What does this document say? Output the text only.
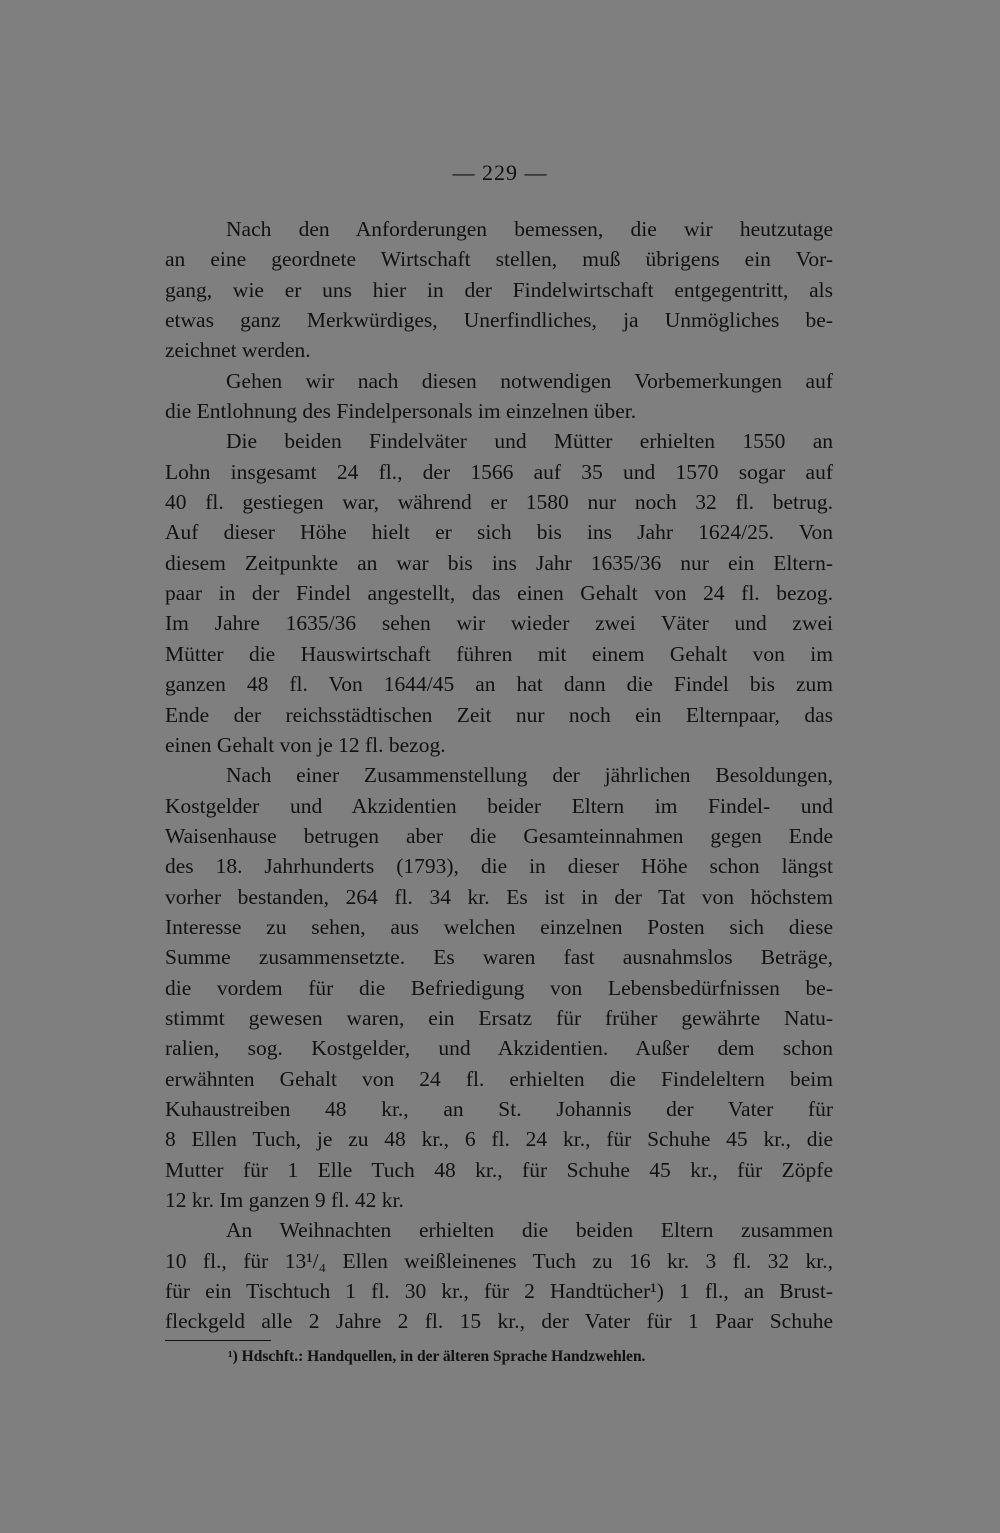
— 229 —
Nach den Anforderungen bemessen, die wir heutzutage
an eine geordnete Wirtschaft stellen, muß übrigens ein Vor-
gang, wie er uns hier in der Findelwirtschaft entgegentritt, als
etwas ganz Merkwürdiges, Unerfindliches, ja Unmögliches be-
zeichnet werden.
Gehen wir nach diesen notwendigen Vorbemerkungen auf
die Entlohnung des Findelpersonals im einzelnen über.
Die beiden Findelväter und Mütter erhielten 1550 an
Lohn insgesamt 24 fl., der 1566 auf 35 und 1570 sogar auf
40 fl. gestiegen war, während er 1580 nur noch 32 fl. betrug.
Auf dieser Höhe hielt er sich bis ins Jahr 1624/25. Von
diesem Zeitpunkte an war bis ins Jahr 1635/36 nur ein Eltern-
paar in der Findel angestellt, das einen Gehalt von 24 fl. bezog.
Im Jahre 1635/36 sehen wir wieder zwei Väter und zwei
Mütter die Hauswirtschaft führen mit einem Gehalt von im
ganzen 48 fl. Von 1644/45 an hat dann die Findel bis zum
Ende der reichsstädtischen Zeit nur noch ein Elternpaar, das
einen Gehalt von je 12 fl. bezog.
Nach einer Zusammenstellung der jährlichen Besoldungen,
Kostgelder und Akzidentien beider Eltern im Findel- und
Waisenhause betrugen aber die Gesamteinnahmen gegen Ende
des 18. Jahrhunderts (1793), die in dieser Höhe schon längst
vorher bestanden, 264 fl. 34 kr. Es ist in der Tat von höchstem
Interesse zu sehen, aus welchen einzelnen Posten sich diese
Summe zusammensetzte. Es waren fast ausnahmslos Beträge,
die vordem für die Befriedigung von Lebensbedürfnissen be-
stimmt gewesen waren, ein Ersatz für früher gewährte Natu-
ralien, sog. Kostgelder, und Akzidentien. Außer dem schon
erwähnten Gehalt von 24 fl. erhielten die Findeleltern beim
Kuhaustreiben 48 kr., an St. Johannis der Vater für
8 Ellen Tuch, je zu 48 kr., 6 fl. 24 kr., für Schuhe 45 kr., die
Mutter für 1 Elle Tuch 48 kr., für Schuhe 45 kr., für Zöpfe
12 kr. Im ganzen 9 fl. 42 kr.
An Weihnachten erhielten die beiden Eltern zusammen
10 fl., für 13¹/₄ Ellen weißleinenes Tuch zu 16 kr. 3 fl. 32 kr.,
für ein Tischtuch 1 fl. 30 kr., für 2 Handtücher¹) 1 fl., an Brust-
fleckgeld alle 2 Jahre 2 fl. 15 kr., der Vater für 1 Paar Schuhe
¹) Hdschft.: Handquellen, in der älteren Sprache Handzwehlen.
